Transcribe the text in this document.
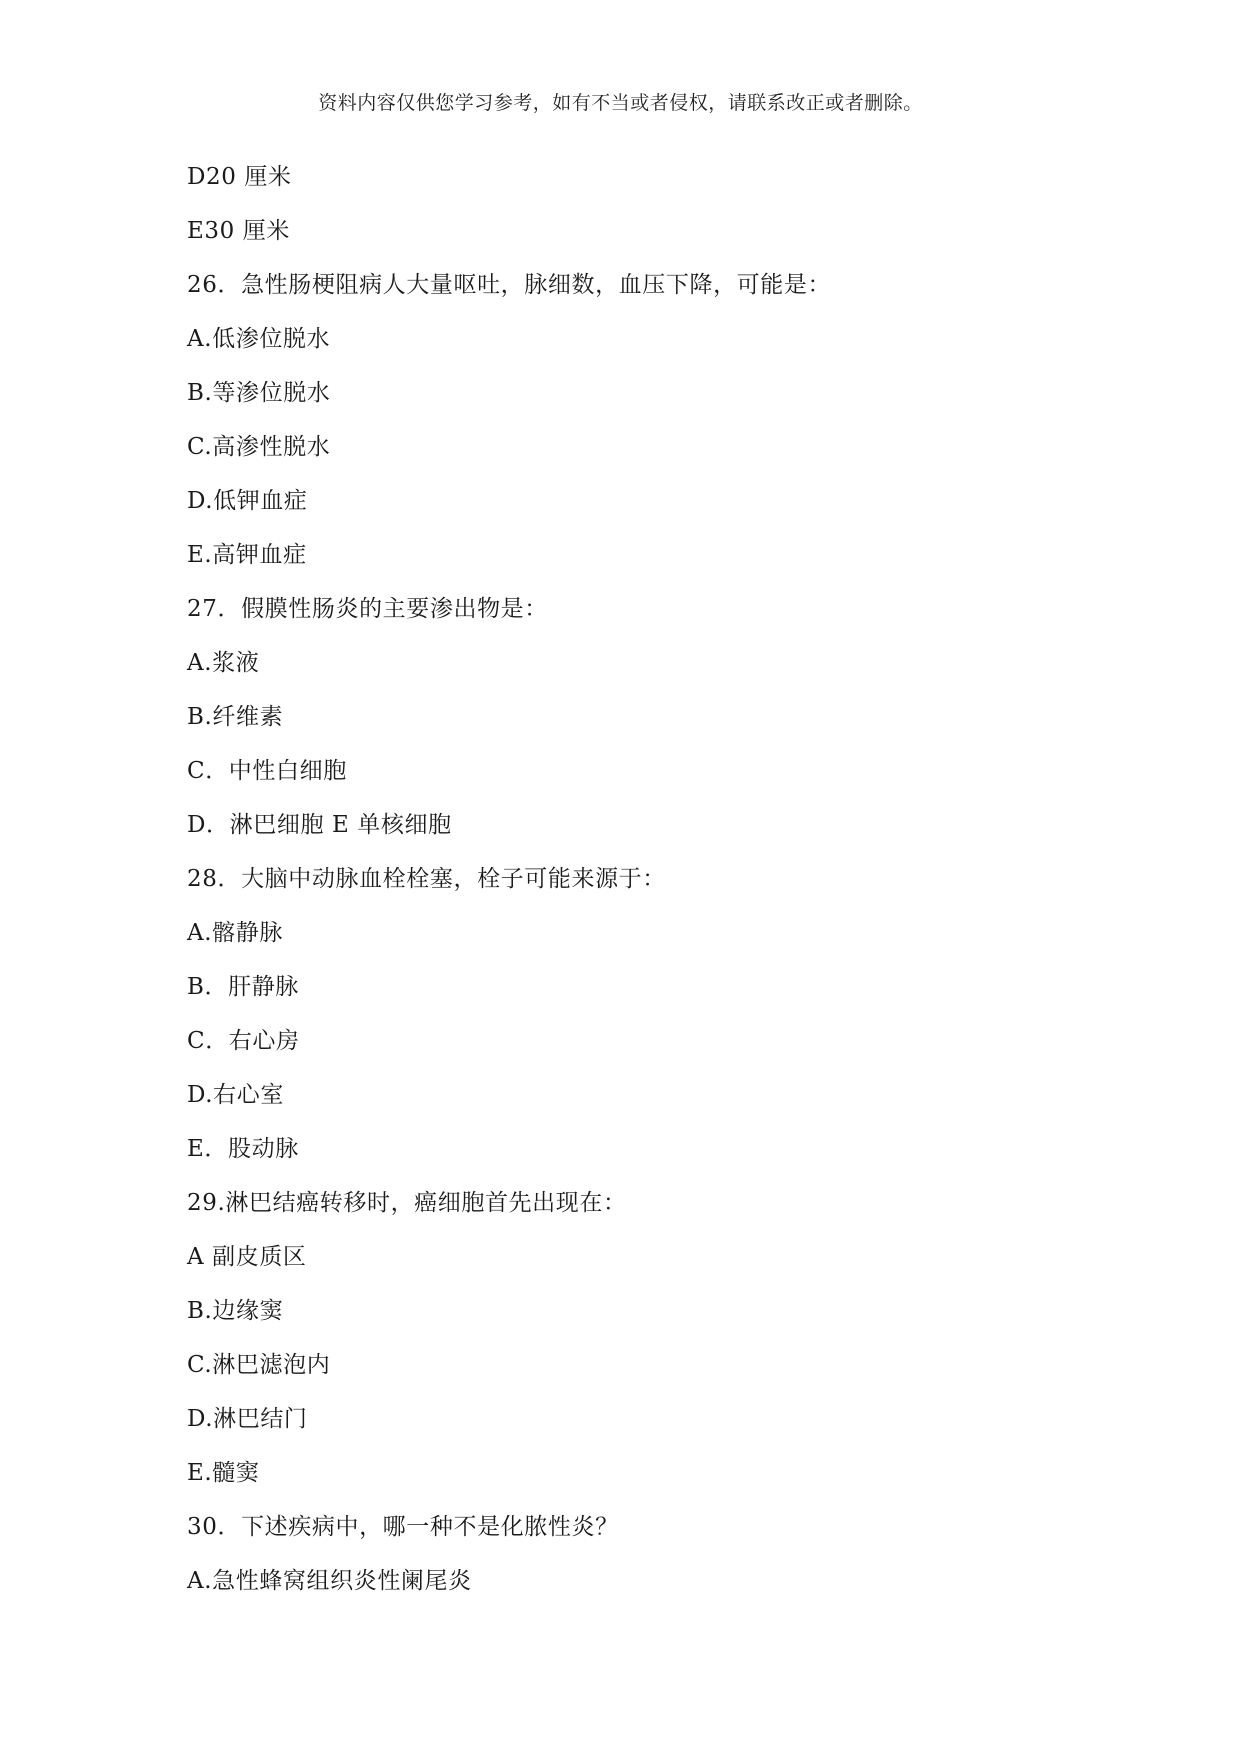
资料内容仅供您学习参考，如有不当或者侵权，请联系改正或者删除。
D20 厘米
E30 厘米
26．急性肠梗阻病人大量呕吐，脉细数，血压下降，可能是：
A.低渗位脱水
B.等渗位脱水
C.高渗性脱水
D.低钾血症
E.高钾血症
27．假膜性肠炎的主要渗出物是：
A.浆液
B.纤维素
C．中性白细胞
D．淋巴细胞 E 单核细胞
28．大脑中动脉血栓栓塞，栓子可能来源于：
A.髂静脉
B．肝静脉
C．右心房
D.右心室
E．股动脉
29.淋巴结癌转移时，癌细胞首先出现在：
A 副皮质区
B.边缘窦
C.淋巴滤泡内
D.淋巴结门
E.髓窦
30．下述疾病中，哪一种不是化脓性炎？
A.急性蜂窝组织炎性阑尾炎
